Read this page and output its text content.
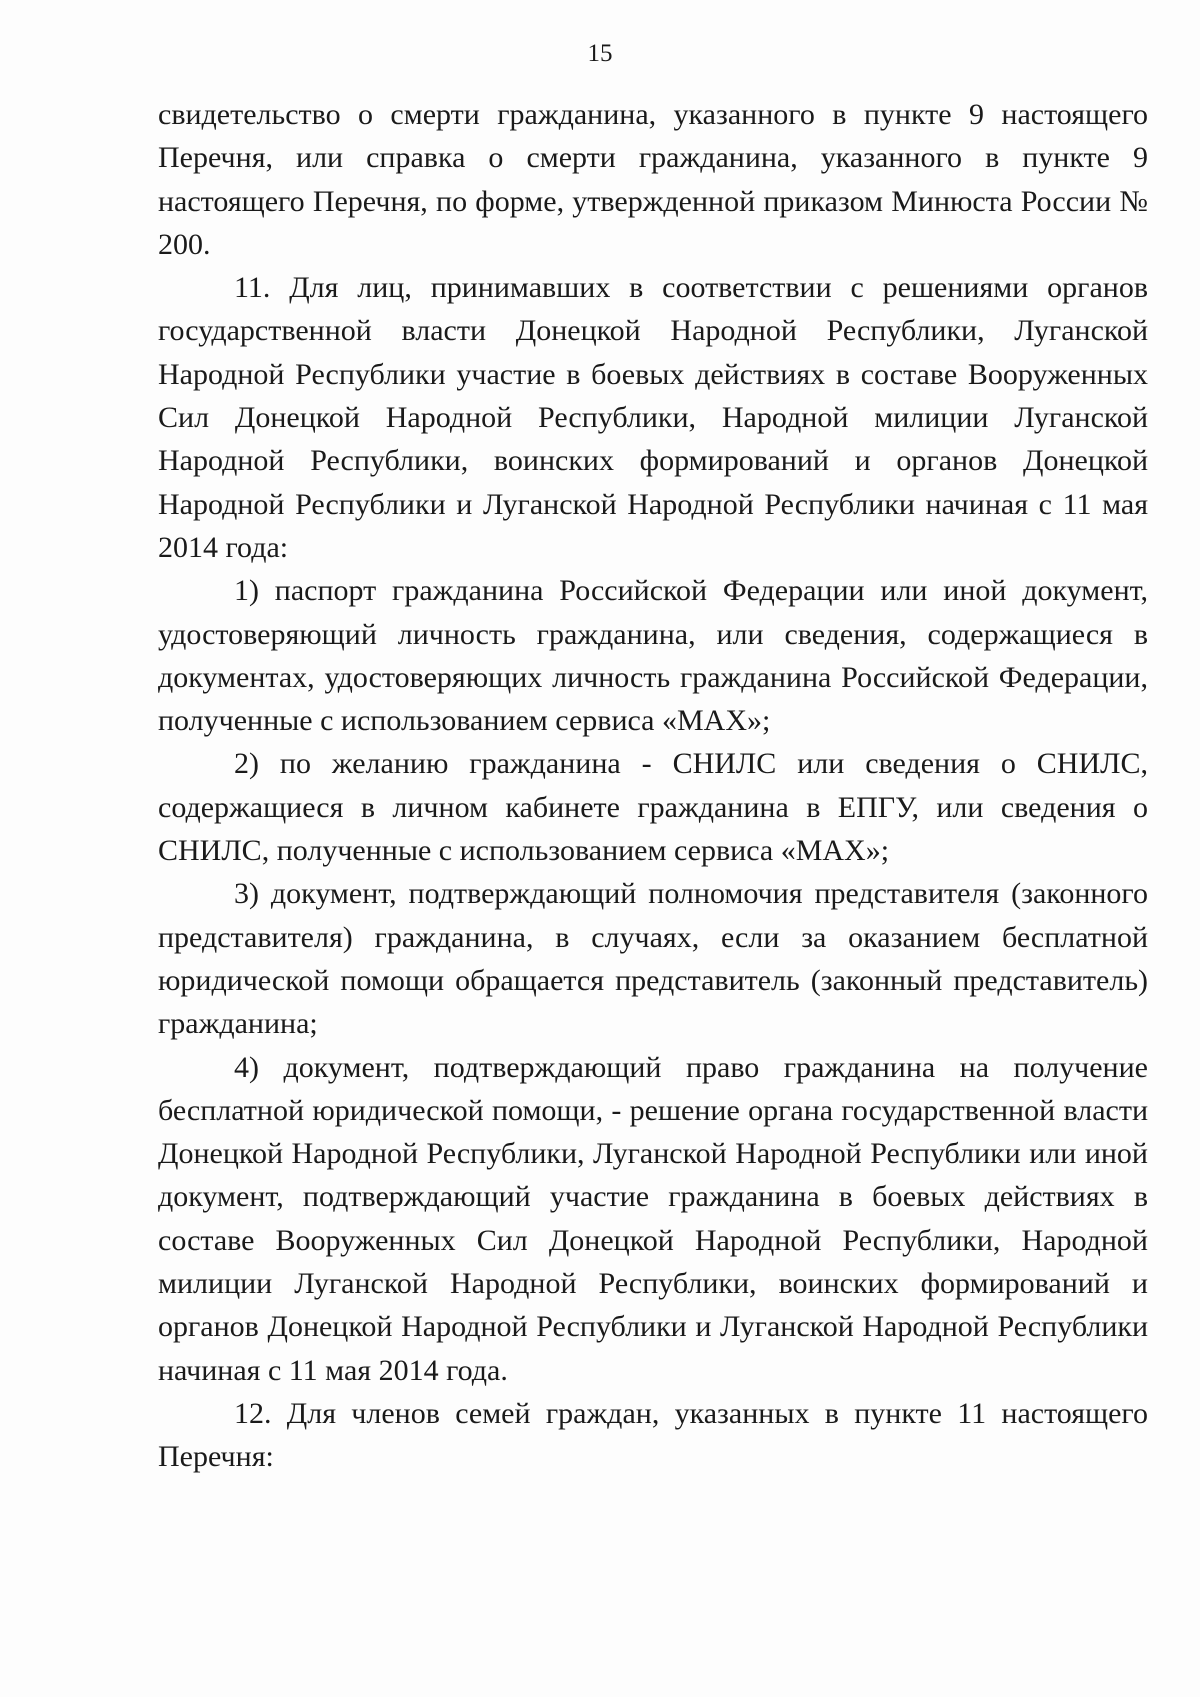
15

свидетельство о смерти гражданина, указанного в пункте 9 настоящего Перечня, или справка о смерти гражданина, указанного в пункте 9 настоящего Перечня, по форме, утвержденной приказом Минюста России № 200.

11. Для лиц, принимавших в соответствии с решениями органов государственной власти Донецкой Народной Республики, Луганской Народной Республики участие в боевых действиях в составе Вооруженных Сил Донецкой Народной Республики, Народной милиции Луганской Народной Республики, воинских формирований и органов Донецкой Народной Республики и Луганской Народной Республики начиная с 11 мая 2014 года:

1) паспорт гражданина Российской Федерации или иной документ, удостоверяющий личность гражданина, или сведения, содержащиеся в документах, удостоверяющих личность гражданина Российской Федерации, полученные с использованием сервиса «MAX»;

2) по желанию гражданина - СНИЛС или сведения о СНИЛС, содержащиеся в личном кабинете гражданина в ЕПГУ, или сведения о СНИЛС, полученные с использованием сервиса «MAX»;

3) документ, подтверждающий полномочия представителя (законного представителя) гражданина, в случаях, если за оказанием бесплатной юридической помощи обращается представитель (законный представитель) гражданина;

4) документ, подтверждающий право гражданина на получение бесплатной юридической помощи, - решение органа государственной власти Донецкой Народной Республики, Луганской Народной Республики или иной документ, подтверждающий участие гражданина в боевых действиях в составе Вооруженных Сил Донецкой Народной Республики, Народной милиции Луганской Народной Республики, воинских формирований и органов Донецкой Народной Республики и Луганской Народной Республики начиная с 11 мая 2014 года.

12. Для членов семей граждан, указанных в пункте 11 настоящего Перечня:
